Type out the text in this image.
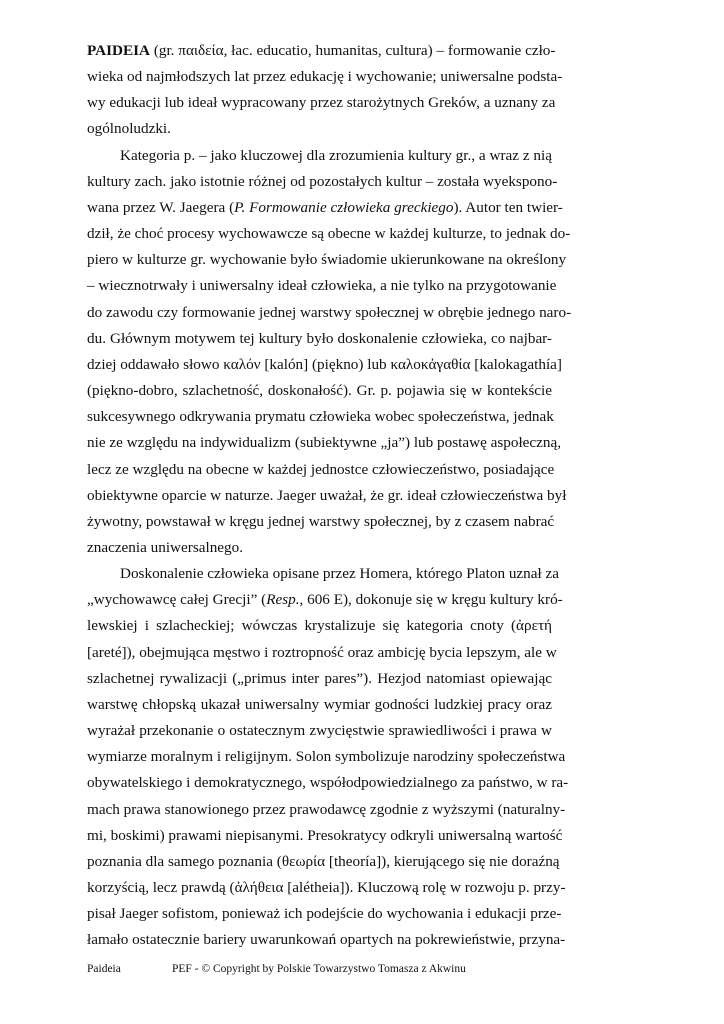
PAIDEIA (gr. παιδεία, łac. educatio, humanitas, cultura) – formowanie czło-
wieka od najmłodszych lat przez edukację i wychowanie; uniwersalne podsta-
wy edukacji lub ideał wypracowany przez starożytnych Greków, a uznany za
ogólnoludzki.
Kategoria p. – jako kluczowej dla zrozumienia kultury gr., a wraz z nią
kultury zach. jako istotnie różnej od pozostałych kultur – została wyekspono-
wana przez W. Jaegera (P. Formowanie człowieka greckiego). Autor ten twier-
dził, że choć procesy wychowawcze są obecne w każdej kulturze, to jednak do-
piero w kulturze gr. wychowanie było świadomie ukierunkowane na określony
– wiecznotrwały i uniwersalny ideał człowieka, a nie tylko na przygotowanie
do zawodu czy formowanie jednej warstwy społecznej w obrębie jednego naro-
du. Głównym motywem tej kultury było doskonalenie człowieka, co najbar-
dziej oddawało słowo καλόν [kalón] (piękno) lub καλοκἀγαθία [kalokagathía]
(piękno-dobro, szlachetność, doskonałość). Gr. p. pojawia się w kontekście
sukcesywnego odkrywania prymatu człowieka wobec społeczeństwa, jednak
nie ze względu na indywidualizm (subiektywne „ja”) lub postawę aspołeczną,
lecz ze względu na obecne w każdej jednostce człowieczeństwo, posiadające
obiektywne oparcie w naturze. Jaeger uważał, że gr. ideał człowieczeństwa był
żywotny, powstawał w kręgu jednej warstwy społecznej, by z czasem nabrać
znaczenia uniwersalnego.
Doskonalenie człowieka opisane przez Homera, którego Platon uznał za
„wychowawcę całej Grecji” (Resp., 606 E), dokonuje się w kręgu kultury kró-
lewskiej i szlacheckiej; wówczas krystalizuje się kategoria cnoty (ἀρετή
[areté]), obejmująca męstwo i roztropność oraz ambicję bycia lepszym, ale w
szlachetnej rywalizacji („primus inter pares”). Hezjod natomiast opiewając
warstwę chłopską ukazał uniwersalny wymiar godności ludzkiej pracy oraz
wyrażał przekonanie o ostatecznym zwycięstwie sprawiedliwości i prawa w
wymiarze moralnym i religijnym. Solon symbolizuje narodziny społeczeństwa
obywatelskiego i demokratycznego, współodpowiedzialnego za państwo, w ra-
mach prawa stanowionego przez prawodawcę zgodnie z wyższymi (naturalny-
mi, boskimi) prawami niepisanymi. Presokratycy odkryli uniwersalną wartość
poznania dla samego poznania (θεωρία [theoría]), kierującego się nie doraźną
korzyścią, lecz prawdą (ἀλήθεια [alétheia]). Kluczową rolę w rozwoju p. przy-
pisał Jaeger sofistom, ponieważ ich podejście do wychowania i edukacji prze-
łamało ostatecznie bariery uwarunkowań opartych na pokrewieństwie, przyna-
Paideia	PEF - © Copyright by Polskie Towarzystwo Tomasza z Akwinu
